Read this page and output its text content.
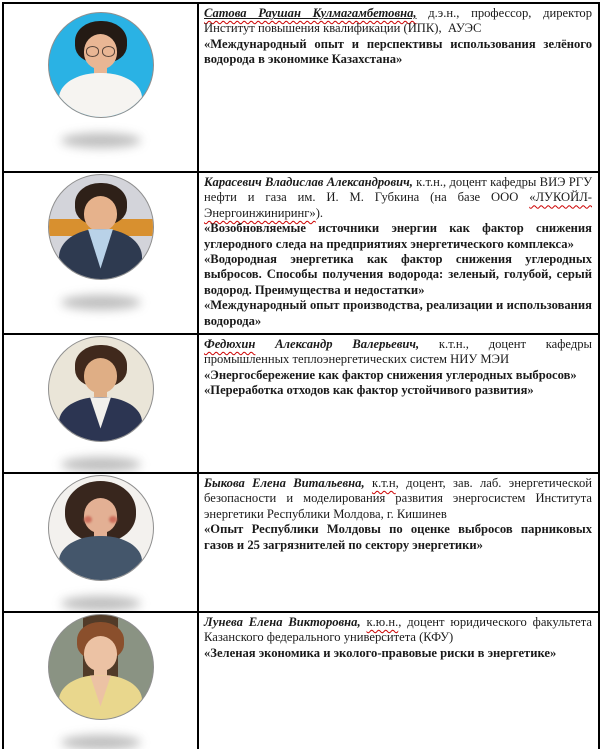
	Сатова Раушан Кулмагамбетовна, д.э.н., профессор, директор Институт повышения квалификации (ИПК),  АУЭС

«Международный опыт и перспективы использования зелёного водорода в экономике Казахстана»

	Карасевич Владислав Александрович, к.т.н., доцент кафедры ВИЭ РГУ нефти и газа им. И. М. Губкина (на базе ООО «ЛУКОЙЛ-Энергоинжиниринг»).

«Возобновляемые источники энергии как фактор снижения углеродного следа на предприятиях энергетического комплекса»

«Водородная энергетика как фактор снижения углеродных выбросов. Способы получения водорода: зеленый, голубой, серый водород. Преимущества и недостатки»

«Международный опыт производства, реализации и использования водорода»

	Федюхин Александр Валерьевич, к.т.н., доцент кафедры промышленных теплоэнергетических систем НИУ МЭИ

«Энергосбережение как фактор снижения углеродных выбросов»

«Переработка отходов как фактор устойчивого развития»

	Быкова Елена Витальевна, к.т.н, доцент, зав. лаб. энергетической безопасности и моделирования развития энергосистем Института энергетики Республики Молдова, г. Кишинев

«Опыт Республики Молдовы по оценке выбросов парниковых газов и 25 загрязнителей по сектору энергетики»

	Лунева Елена Викторовна, к.ю.н., доцент юридического факультета Казанского федерального университета (КФУ)

«Зеленая экономика и эколого-правовые риски в энергетике»
